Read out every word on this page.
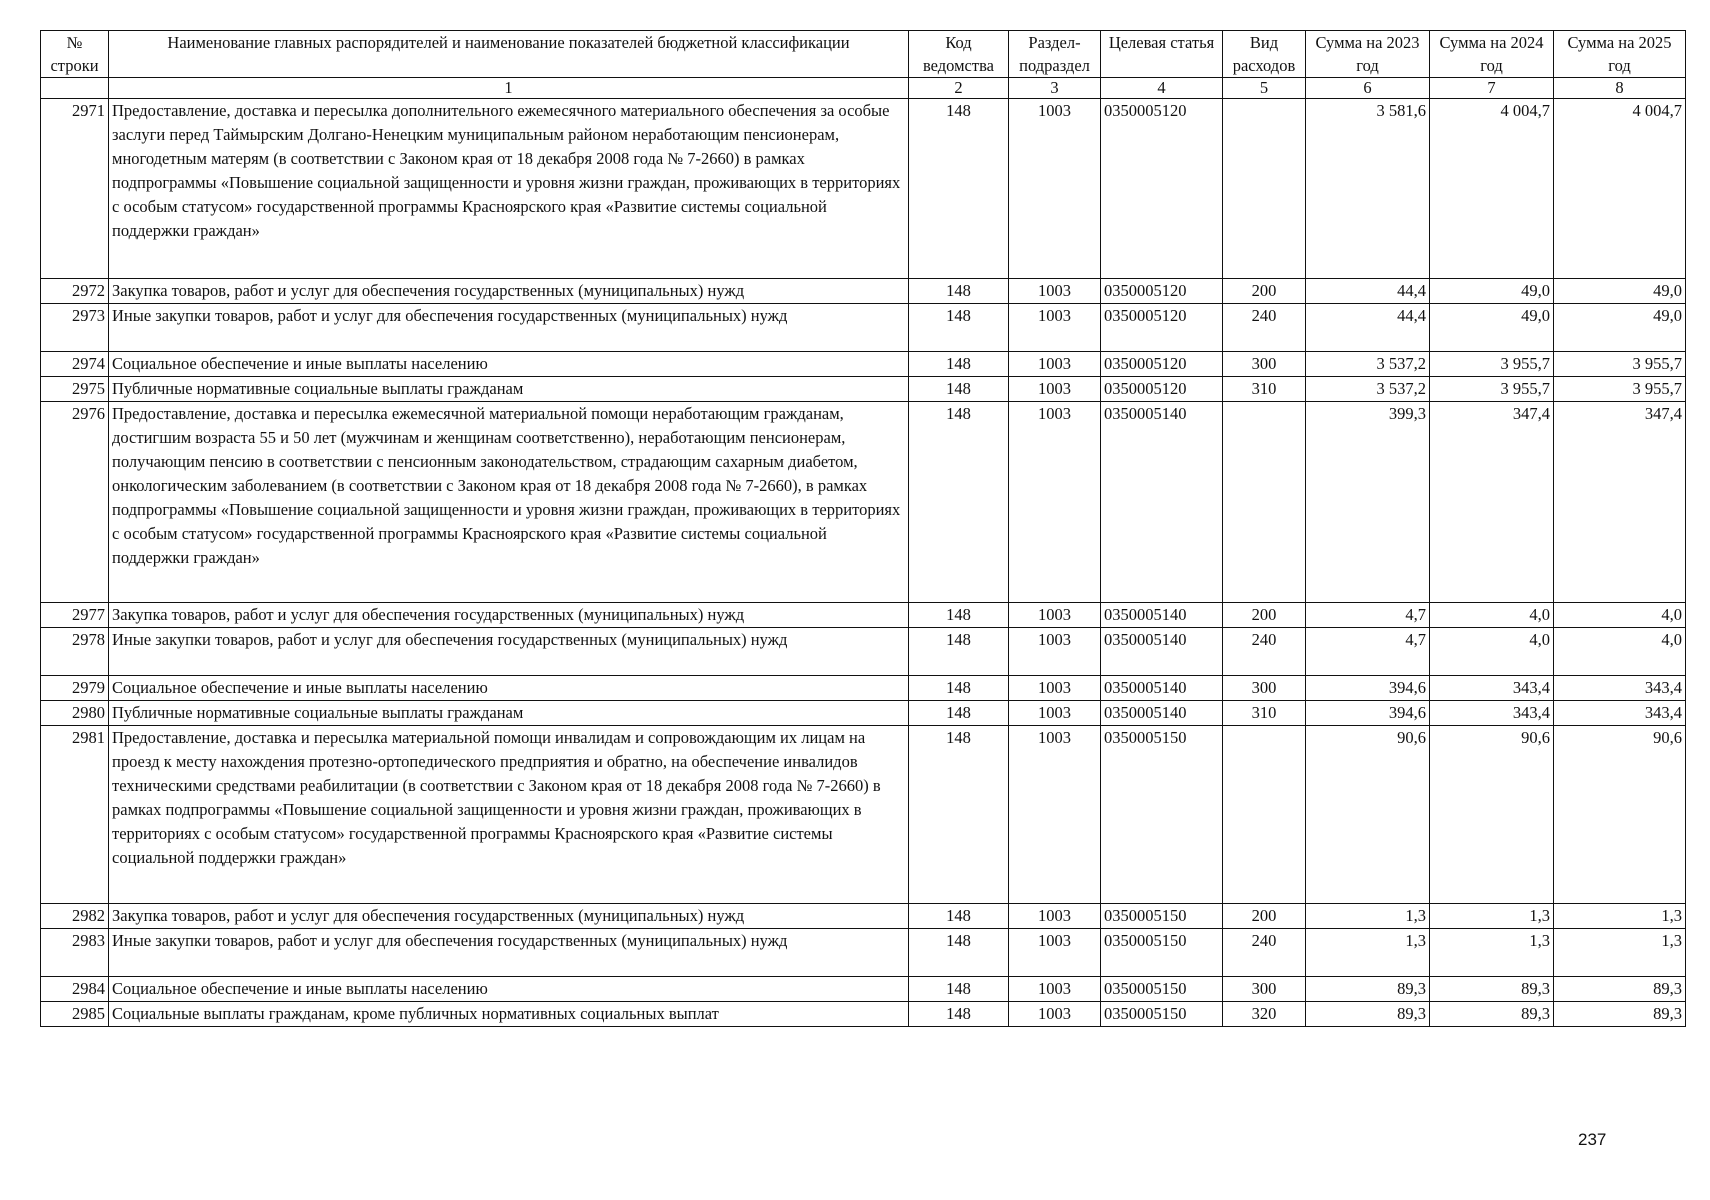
№ строки	Наименование главных распорядителей и наименование показателей бюджетной классификации	Код ведомства	Раздел-подраздел	Целевая статья	Вид расходов	Сумма на 2023 год	Сумма на 2024 год	Сумма на 2025 год
	1	2	3	4	5	6	7	8
2971	Предоставление, доставка и пересылка дополнительного ежемесячного материального обеспечения за особые заслуги перед Таймырским Долгано-Ненецким муниципальным районом неработающим пенсионерам, многодетным матерям (в соответствии с Законом края от 18 декабря 2008 года № 7-2660) в рамках подпрограммы «Повышение социальной защищенности и уровня жизни граждан, проживающих в территориях с особым статусом» государственной программы Красноярского края «Развитие системы социальной поддержки граждан»	148	1003	0350005120		3 581,6	4 004,7	4 004,7
2972	Закупка товаров, работ и услуг для обеспечения государственных (муниципальных) нужд	148	1003	0350005120	200	44,4	49,0	49,0
2973	Иные закупки товаров, работ и услуг для обеспечения государственных (муниципальных) нужд	148	1003	0350005120	240	44,4	49,0	49,0
2974	Социальное обеспечение и иные выплаты населению	148	1003	0350005120	300	3 537,2	3 955,7	3 955,7
2975	Публичные нормативные социальные выплаты гражданам	148	1003	0350005120	310	3 537,2	3 955,7	3 955,7
2976	Предоставление, доставка и пересылка ежемесячной материальной помощи неработающим гражданам, достигшим возраста 55 и 50 лет (мужчинам и женщинам соответственно), неработающим пенсионерам, получающим пенсию в соответствии с пенсионным законодательством, страдающим сахарным диабетом, онкологическим заболеванием (в соответствии с Законом края от 18 декабря 2008 года № 7-2660), в рамках подпрограммы «Повышение социальной защищенности и уровня жизни граждан, проживающих в территориях с особым статусом» государственной программы Красноярского края «Развитие системы социальной поддержки граждан»	148	1003	0350005140		399,3	347,4	347,4
2977	Закупка товаров, работ и услуг для обеспечения государственных (муниципальных) нужд	148	1003	0350005140	200	4,7	4,0	4,0
2978	Иные закупки товаров, работ и услуг для обеспечения государственных (муниципальных) нужд	148	1003	0350005140	240	4,7	4,0	4,0
2979	Социальное обеспечение и иные выплаты населению	148	1003	0350005140	300	394,6	343,4	343,4
2980	Публичные нормативные социальные выплаты гражданам	148	1003	0350005140	310	394,6	343,4	343,4
2981	Предоставление, доставка и пересылка материальной помощи инвалидам и сопровождающим их лицам на проезд к месту нахождения протезно-ортопедического предприятия и обратно, на обеспечение инвалидов техническими средствами реабилитации (в соответствии с Законом края от 18 декабря 2008 года № 7-2660) в рамках подпрограммы «Повышение социальной защищенности и уровня жизни граждан, проживающих в территориях с особым статусом» государственной программы Красноярского края «Развитие системы социальной поддержки граждан»	148	1003	0350005150		90,6	90,6	90,6
2982	Закупка товаров, работ и услуг для обеспечения государственных (муниципальных) нужд	148	1003	0350005150	200	1,3	1,3	1,3
2983	Иные закупки товаров, работ и услуг для обеспечения государственных (муниципальных) нужд	148	1003	0350005150	240	1,3	1,3	1,3
2984	Социальное обеспечение и иные выплаты населению	148	1003	0350005150	300	89,3	89,3	89,3
2985	Социальные выплаты гражданам, кроме публичных нормативных социальных выплат	148	1003	0350005150	320	89,3	89,3	89,3
237
